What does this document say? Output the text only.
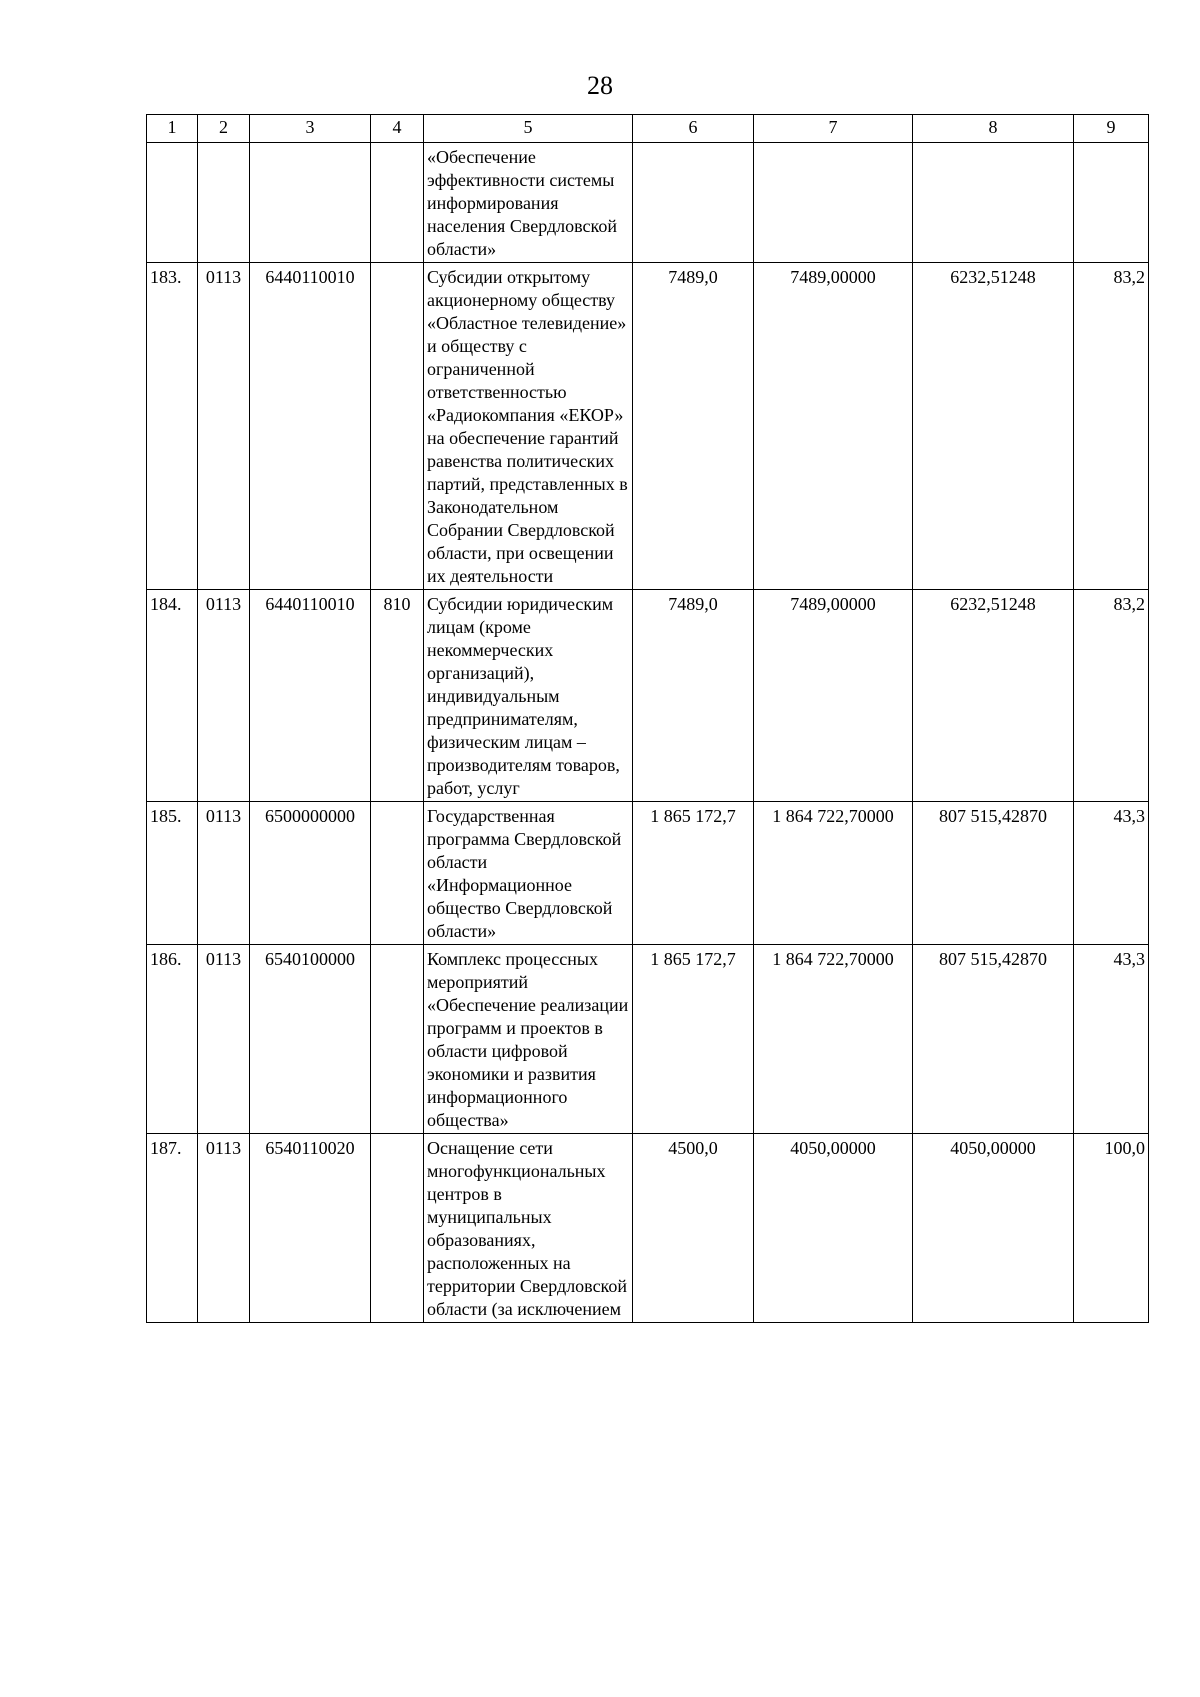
28
1	2	3	4	5	6	7	8	9
				«Обеспечение эффективности системы информирования населения Свердловской области»				
183.	0113	6440110010		Субсидии открытому акционерному обществу «Областное телевидение» и обществу с ограниченной ответственностью «Радиокомпания «ЕКОР» на обеспечение гарантий равенства политических партий, представленных в Законодательном Собрании Свердловской области, при освещении их деятельности	7489,0	7489,00000	6232,51248	83,2
184.	0113	6440110010	810	Субсидии юридическим лицам (кроме некоммерческих организаций), индивидуальным предпринимателям, физическим лицам – производителям товаров, работ, услуг	7489,0	7489,00000	6232,51248	83,2
185.	0113	6500000000		Государственная программа Свердловской области «Информационное общество Свердловской области»	1 865 172,7	1 864 722,70000	807 515,42870	43,3
186.	0113	6540100000		Комплекс процессных мероприятий «Обеспечение реализации программ и проектов в области цифровой экономики и развития информационного общества»	1 865 172,7	1 864 722,70000	807 515,42870	43,3
187.	0113	6540110020		Оснащение сети многофункциональных центров в муниципальных образованиях, расположенных на территории Свердловской области (за исключением	4500,0	4050,00000	4050,00000	100,0
